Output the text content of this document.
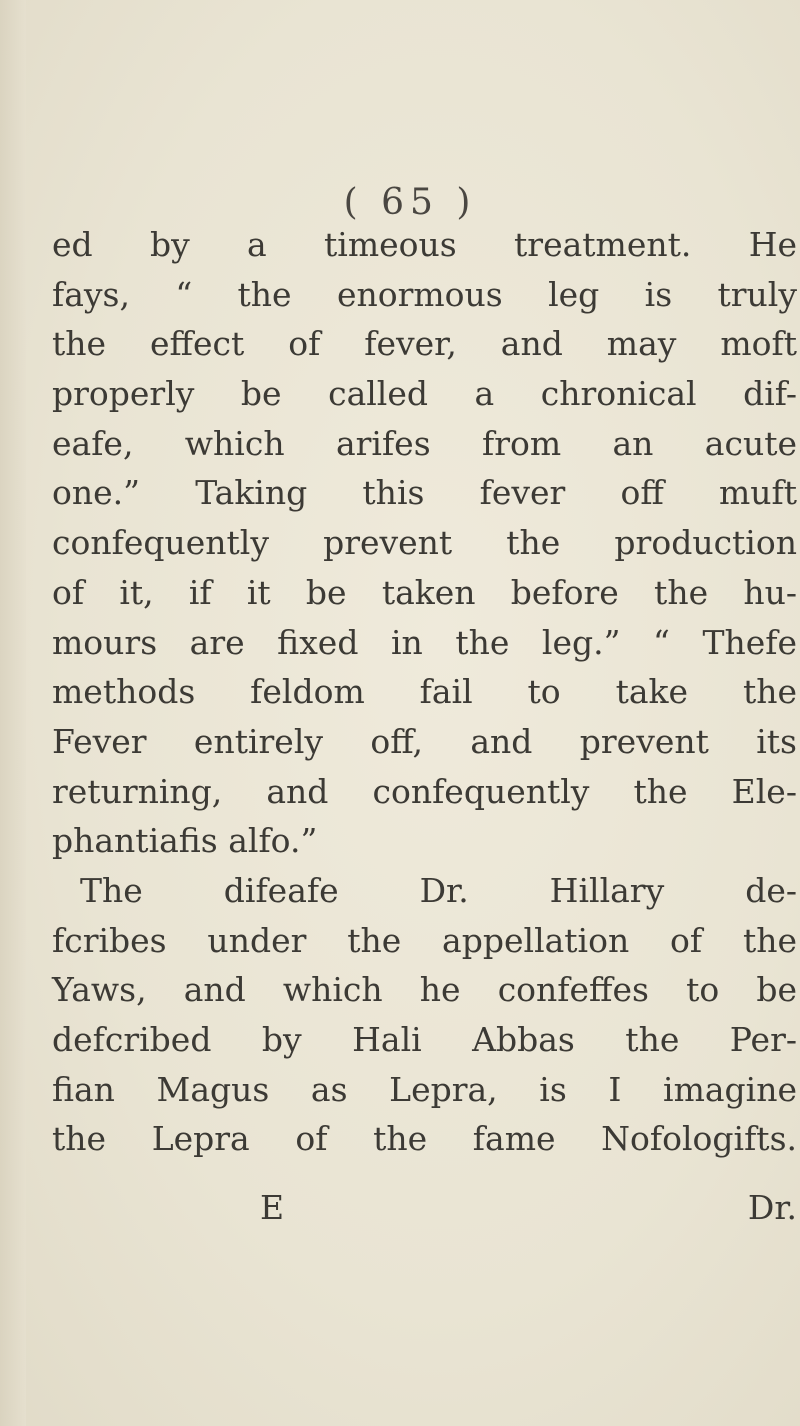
( 65 )
ed by a timeous treatment. He
fays, “ the enormous leg is truly
the effect of fever, and may moft
properly be called a chronical dif-
eafe, which arifes from an acute
one.” Taking this fever off muft
confequently prevent the production
of it, if it be taken before the hu-
mours are fixed in the leg.” “ Thefe
methods feldom fail to take the
Fever entirely off, and prevent its
returning, and confequently the Ele-
phantiafis alfo.”
The difeafe Dr. Hillary de-
fcribes under the appellation of the
Yaws, and which he confeffes to be
defcribed by Hali Abbas the Per-
fian Magus as Lepra, is I imagine
the Lepra of the fame Nofologifts.
E	Dr.
